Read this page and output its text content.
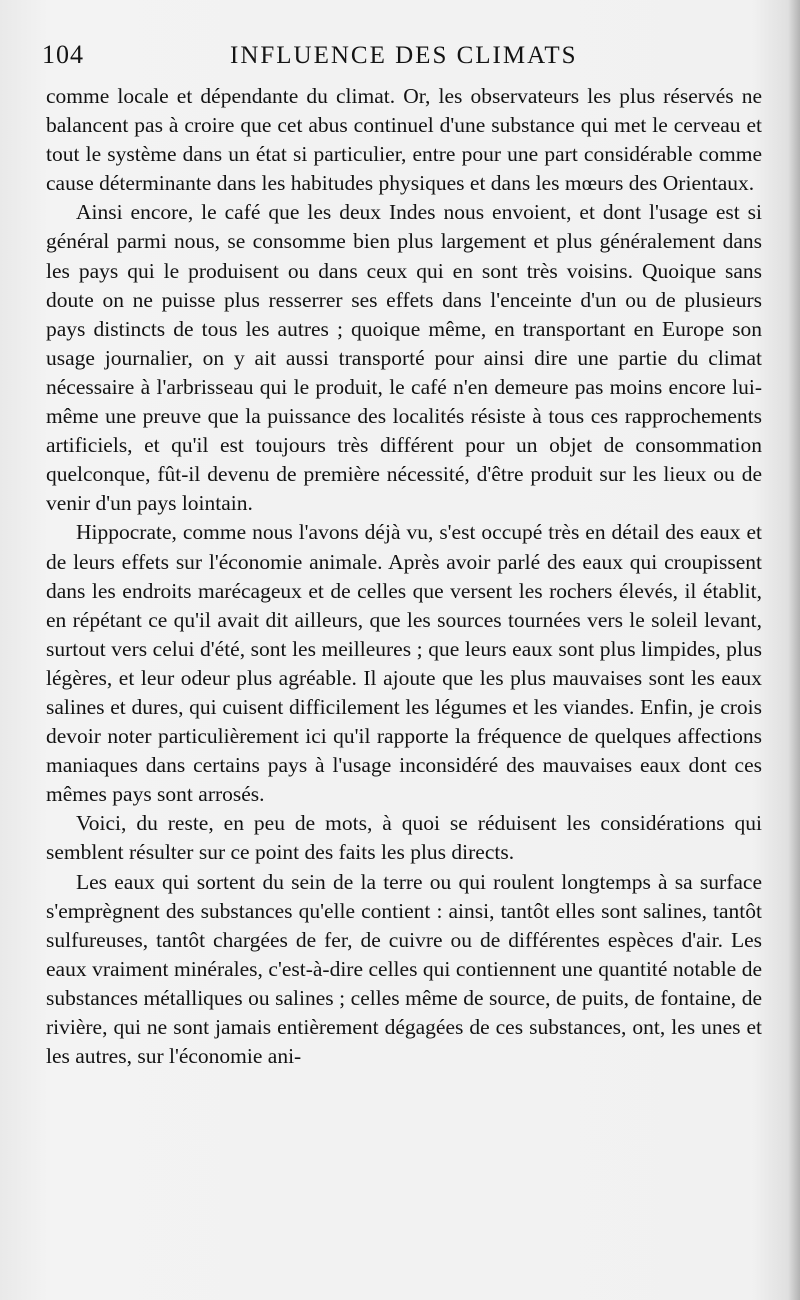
104	INFLUENCE DES CLIMATS

comme locale et dépendante du climat. Or, les observateurs les plus réservés ne balancent pas à croire que cet abus continuel d'une substance qui met le cerveau et tout le système dans un état si particulier, entre pour une part considérable comme cause déterminante dans les habitudes physiques et dans les mœurs des Orientaux.

Ainsi encore, le café que les deux Indes nous envoient, et dont l'usage est si général parmi nous, se consomme bien plus largement et plus généralement dans les pays qui le produisent ou dans ceux qui en sont très voisins. Quoique sans doute on ne puisse plus resserrer ses effets dans l'enceinte d'un ou de plusieurs pays distincts de tous les autres ; quoique même, en transportant en Europe son usage journalier, on y ait aussi transporté pour ainsi dire une partie du climat nécessaire à l'arbrisseau qui le produit, le café n'en demeure pas moins encore lui-même une preuve que la puissance des localités résiste à tous ces rapprochements artificiels, et qu'il est toujours très différent pour un objet de consommation quelconque, fût-il devenu de première nécessité, d'être produit sur les lieux ou de venir d'un pays lointain.

Hippocrate, comme nous l'avons déjà vu, s'est occupé très en détail des eaux et de leurs effets sur l'économie animale. Après avoir parlé des eaux qui croupissent dans les endroits marécageux et de celles que versent les rochers élevés, il établit, en répétant ce qu'il avait dit ailleurs, que les sources tournées vers le soleil levant, surtout vers celui d'été, sont les meilleures ; que leurs eaux sont plus limpides, plus légères, et leur odeur plus agréable. Il ajoute que les plus mauvaises sont les eaux salines et dures, qui cuisent difficilement les légumes et les viandes. Enfin, je crois devoir noter particulièrement ici qu'il rapporte la fréquence de quelques affections maniaques dans certains pays à l'usage inconsidéré des mauvaises eaux dont ces mêmes pays sont arrosés.

Voici, du reste, en peu de mots, à quoi se réduisent les considérations qui semblent résulter sur ce point des faits les plus directs.

Les eaux qui sortent du sein de la terre ou qui roulent longtemps à sa surface s'emprègnent des substances qu'elle contient : ainsi, tantôt elles sont salines, tantôt sulfureuses, tantôt chargées de fer, de cuivre ou de différentes espèces d'air. Les eaux vraiment minérales, c'est-à-dire celles qui contiennent une quantité notable de substances métalliques ou salines ; celles même de source, de puits, de fontaine, de rivière, qui ne sont jamais entièrement dégagées de ces substances, ont, les unes et les autres, sur l'économie ani-
